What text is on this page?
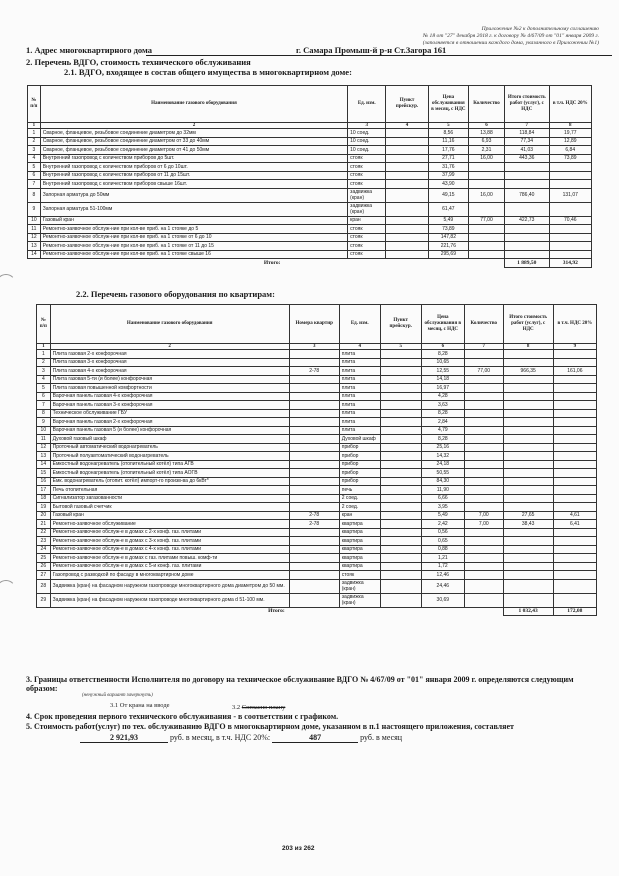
Приложение №2 к дополнительному соглашению
№ 18 от "27" декабря 2018 г. к договору № 4/67/09 от "01" января 2009 г.
(заполняется в отношении каждого дома, указанного в Приложении №1)
1. Адрес многоквартирного дома	г. Самара Промыш-й р-н Ст.Загора 161
2. Перечень ВДГО, стоимость технического обслуживания
2.1. ВДГО, входящее в состав общего имущества в многоквартирном доме:
№ п/п	Наименование газового оборудования	Ед. изм.	Пункт прейскур.	Цена обслуживания в месяц, с НДС	Количество	Итого стоимость работ (услуг), с НДС	в т.ч. НДС 20%
1	2	3	4	5	6	7	8
1	Сварное, фланцевое, резьбовое соединение диаметром до 32мм	10 соед.		8,56	13,88	118,84	19,77
2	Сварное, фланцевое, резьбовое соединение диаметром от 33 до 40мм	10 соед.		11,16	6,93	77,34	12,89
3	Сварное, фланцевое, резьбовое соединение диаметром от 41 до 50мм	10 соед.		17,76	2,31	41,03	6,84
4	Внутренний газопровод с количеством приборов до 5шт.	стояк		27,71	16,00	443,36	73,89
5	Внутренний газопровод с количеством приборов от 6 до 10шт.	стояк		31,76			
6	Внутренний газопровод с количеством приборов от 11 до 15шт.	стояк		37,99			
7	Внутренний газопровод с количеством приборов свыше 16шт.	стояк		43,90			
8	Запорная арматура до 50мм	задвижка (кран)		49,15	16,00	786,40	131,07
9	Запорная арматура 51-100мм	задвижка (кран)		61,47			
10	Газовый кран	кран		5,49	77,00	422,73	70,46
11	Ремонтно-заявочное обслуж-ние при кол-ве приб. на 1 стояке до 5	стояк		73,89			
12	Ремонтно-заявочное обслуж-ние при кол-ве приб. на 1 стояке от 6 до 10	стояк		147,82			
13	Ремонтно-заявочное обслуж-ние при кол-ве приб. на 1 стояке от 11 до 15	стояк		221,76			
14	Ремонтно-заявочное обслуж-ние при кол-ве приб. на 1 стояке свыше 16	стояк		295,69			
	Итого:					1 889,50	314,92
2.2. Перечень газового оборудования по квартирам:
№ п/п	Наименование газового оборудования	Номера квартир	Ед. изм.	Пункт прейскур.	Цена обслуживания в месяц, с НДС	Количество	Итого стоимость работ (услуг), с НДС	в т.ч. НДС 20%
1	2	3	4	5	6	7	8	9
1	Плита газовая 2-х конфорочная		плита		8,28			
2	Плита газовая 3-х конфорочная		плита		10,65			
3	Плита газовая 4-х конфорочная	2-78	плита		12,55	77,00	966,35	161,06
4	Плита газовая 5-ти (и более) конфорочная		плита		14,18			
5	Плита газовая повышенной комфортности		плита		16,97			
6	Варочная панель газовая 4-х конфорочная		плита		4,28			
7	Варочная панель газовая 3-х конфорочная		плита		3,63			
8	Техническое обслуживание ГБУ		плита		8,28			
9	Варочная панель газовая 2-х конфорочная		плита		2,84			
10	Варочная панель газовая 5 (и более) конфорочная		плита		4,79			
11	Духовой газовый шкаф		Духовой шкаф		8,28			
12	Проточный автоматический водонагреватель		прибор		25,16			
13	Проточный полуавтоматический водонагреватель		прибор		14,32			
14	Емкостный водонагреватель (отопительный котёл) типа АГВ		прибор		24,18			
15	Емкостный водонагреватель (отопительный котёл) типа АОГВ		прибор		50,55			
16	Емк. водонагреватель (отопит. котёл) импорт-го произв-ва до 6кВт*		прибор		84,30			
17	Печь отопительная		печь		11,90			
18	Сигнализатор загазованности		2 соед.		6,66			
19	Бытовой газовый счетчик		2 соед.		3,95			
20	Газовый кран	2-78	кран		5,49	7,00	27,65	4,61
21	Ремонтно-заявочное обслуживание	2-78	квартира		2,42	7,00	38,43	6,41
22	Ремонтно-заявочное обслуж-е в домах с 2-х конф. газ. плитами		квартира		0,56			
23	Ремонтно-заявочное обслуж-е в домах с 3-х конф. газ. плитами		квартира		0,65			
24	Ремонтно-заявочное обслуж-е в домах с 4-х конф. газ. плитами		квартира		0,88			
25	Ремонтно-заявочное обслуж-е в домах с газ. плитами повыш. комф-ти		квартира		1,21			
26	Ремонтно-заявочное обслуж-е в домах с 5-и конф. газ. плитами		квартира		1,72			
27	Газопровод с разводкой по фасаду в многоквартирном доме		стояк		12,46			
28	Задвижка (кран) на фасадном наружном газопроводе многоквартирного дома диаметром до 50 мм.		задвижка (кран)		24,46			
29	Задвижка (кран) на фасадном наружном газопроводе многоквартирного дома d 51-100 мм.		задвижка (кран)		30,69			
	Итого:						1 032,43	172,08
3. Границы ответственности Исполнителя по договору на техническое обслуживание ВДГО № 4/67/09 от "01" января 2009 г. определяются следующим образом:
(ненужный вариант зачеркнуть)
3.1 От крана на вводе	3.2 Согласно плану
4. Срок проведения первого технического обслуживания - в соответствии с графиком.
5. Стоимость работ(услуг) по тех. обслуживанию ВДГО в многоквартирном доме, указанном в п.1 настоящего приложения, составляет
2 921,93	руб. в месяц, в т.ч. НДС 20%:	487	руб. в месяц
203 из 262
